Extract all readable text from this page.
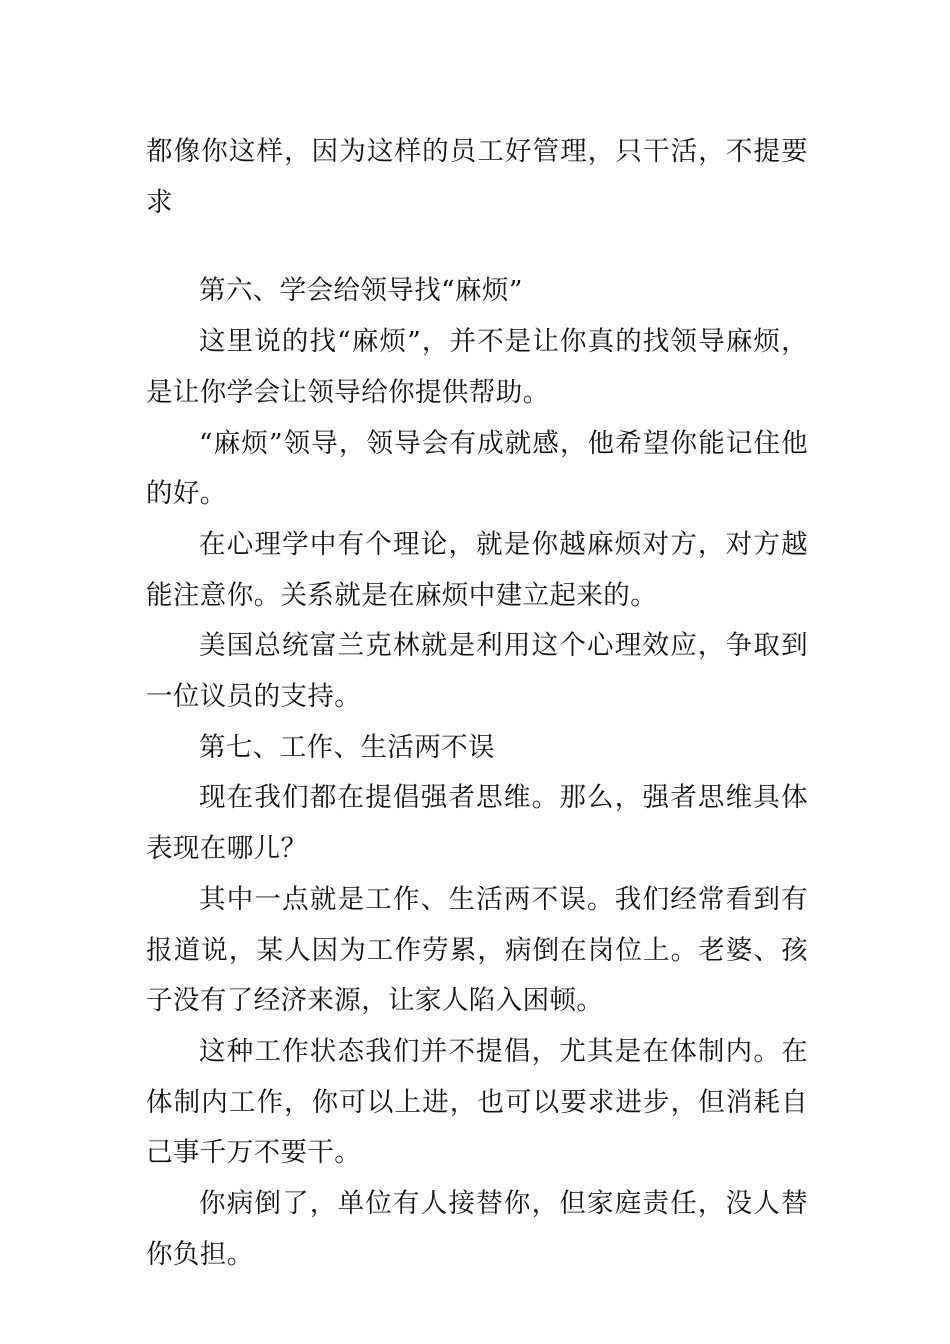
都像你这样，因为这样的员工好管理，只干活，不提要求

第六、学会给领导找“麻烦”

这里说的找“麻烦”，并不是让你真的找领导麻烦，是让你学会让领导给你提供帮助。

“麻烦”领导，领导会有成就感，他希望你能记住他的好。

在心理学中有个理论，就是你越麻烦对方，对方越能注意你。关系就是在麻烦中建立起来的。

美国总统富兰克林就是利用这个心理效应，争取到一位议员的支持。

第七、工作、生活两不误

现在我们都在提倡强者思维。那么，强者思维具体表现在哪儿？

其中一点就是工作、生活两不误。我们经常看到有报道说，某人因为工作劳累，病倒在岗位上。老婆、孩子没有了经济来源，让家人陷入困顿。

这种工作状态我们并不提倡，尤其是在体制内。在体制内工作，你可以上进，也可以要求进步，但消耗自己事千万不要干。

你病倒了，单位有人接替你，但家庭责任，没人替你负担。
